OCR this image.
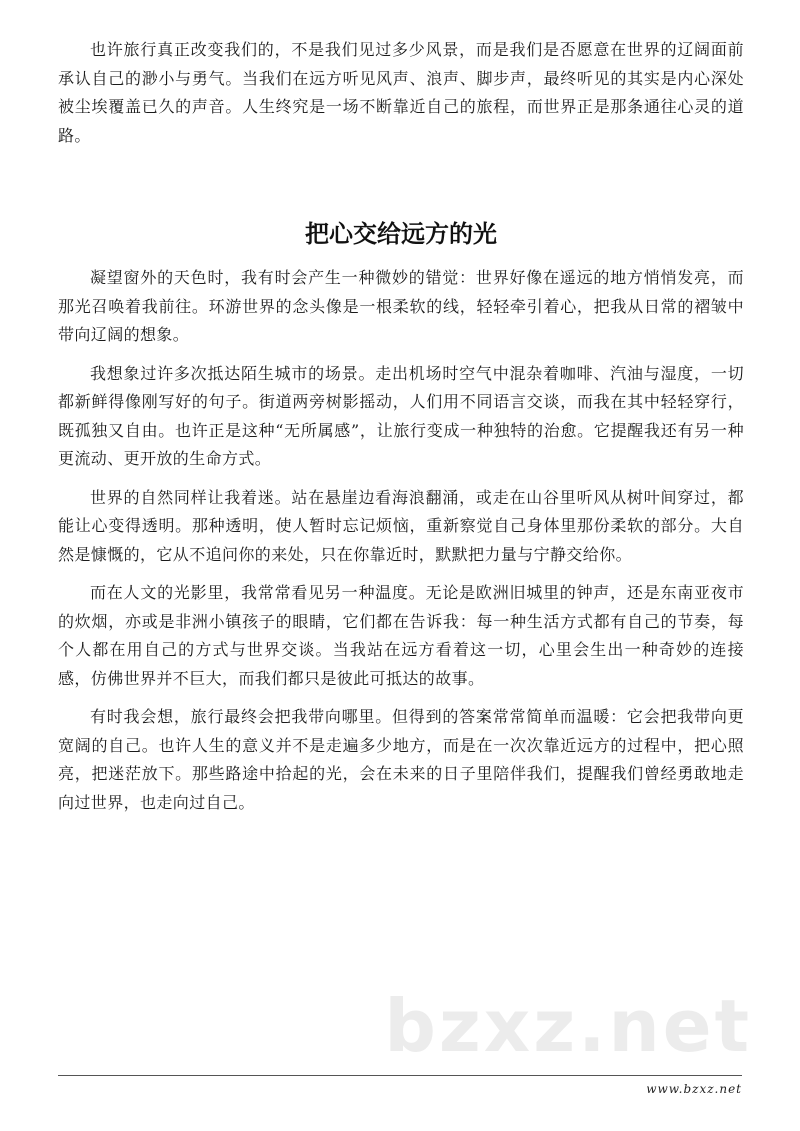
也许旅行真正改变我们的，不是我们见过多少风景，而是我们是否愿意在世界的辽阔面前承认自己的渺小与勇气。当我们在远方听见风声、浪声、脚步声，最终听见的其实是内心深处被尘埃覆盖已久的声音。人生终究是一场不断靠近自己的旅程，而世界正是那条通往心灵的道路。

把心交给远方的光

凝望窗外的天色时，我有时会产生一种微妙的错觉：世界好像在遥远的地方悄悄发亮，而那光召唤着我前往。环游世界的念头像是一根柔软的线，轻轻牵引着心，把我从日常的褶皱中带向辽阔的想象。

我想象过许多次抵达陌生城市的场景。走出机场时空气中混杂着咖啡、汽油与湿度，一切都新鲜得像刚写好的句子。街道两旁树影摇动，人们用不同语言交谈，而我在其中轻轻穿行，既孤独又自由。也许正是这种“无所属感”，让旅行变成一种独特的治愈。它提醒我还有另一种更流动、更开放的生命方式。

世界的自然同样让我着迷。站在悬崖边看海浪翻涌，或走在山谷里听风从树叶间穿过，都能让心变得透明。那种透明，使人暂时忘记烦恼，重新察觉自己身体里那份柔软的部分。大自然是慷慨的，它从不追问你的来处，只在你靠近时，默默把力量与宁静交给你。

而在人文的光影里，我常常看见另一种温度。无论是欧洲旧城里的钟声，还是东南亚夜市的炊烟，亦或是非洲小镇孩子的眼睛，它们都在告诉我：每一种生活方式都有自己的节奏，每个人都在用自己的方式与世界交谈。当我站在远方看着这一切，心里会生出一种奇妙的连接感，仿佛世界并不巨大，而我们都只是彼此可抵达的故事。

有时我会想，旅行最终会把我带向哪里。但得到的答案常常简单而温暖：它会把我带向更宽阔的自己。也许人生的意义并不是走遍多少地方，而是在一次次靠近远方的过程中，把心照亮，把迷茫放下。那些路途中拾起的光，会在未来的日子里陪伴我们，提醒我们曾经勇敢地走向过世界，也走向过自己。

bzxz.net
www.bzxz.net
